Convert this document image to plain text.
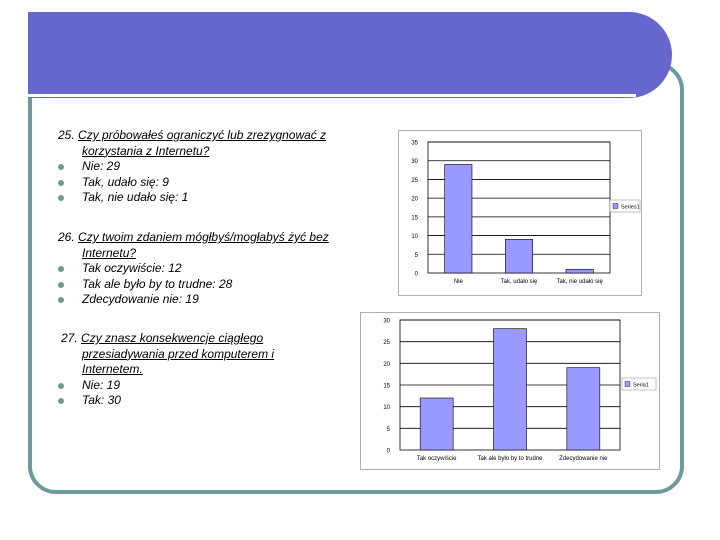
25. Czy próbowałeś ograniczyć lub zrezygnować z
korzystania z Internetu?
Nie: 29
Tak, udało się: 9
Tak, nie udało się: 1
26. Czy twoim zdaniem mógłbyś/mogłabyś żyć bez
Internetu?
Tak oczywiście: 12
Tak ale było by to trudne: 28
Zdecydowanie nie: 19
27. Czy znasz konsekwencje ciągłego
przesiadywania przed komputerem i
Internetem.
Nie: 19
Tak: 30
0
5
10
15
20
25
30
35
Nie	Tak, udało się	Tak, nie udało się
Series1
0
5
10
15
20
25
30
Tak oczywiście	Tak ale było by to trudne	Zdecydowanie nie
Seria1
